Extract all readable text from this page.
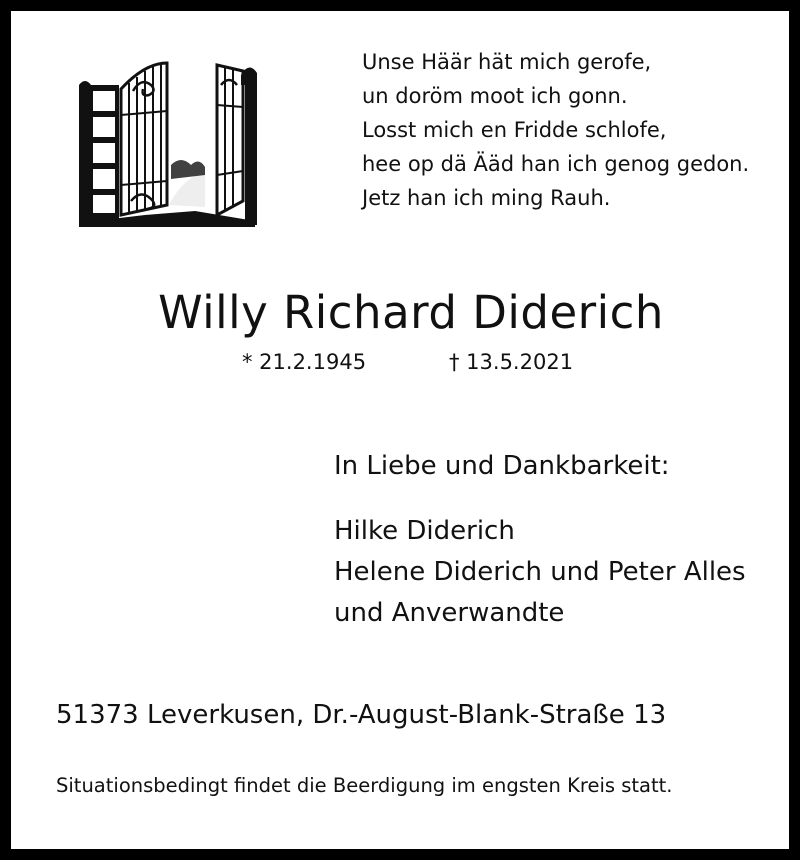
Unse Häär hät mich gerofe,
un doröm moot ich gonn.
Losst mich en Fridde schlofe,
hee op dä Ääd han ich genog gedon.
Jetz han ich ming Rauh.
Willy Richard Diderich
* 21.2.1945	† 13.5.2021
In Liebe und Dankbarkeit:
Hilke Diderich
Helene Diderich und Peter Alles
und Anverwandte
51373 Leverkusen, Dr.-August-Blank-Straße 13
Situationsbedingt findet die Beerdigung im engsten Kreis statt.
